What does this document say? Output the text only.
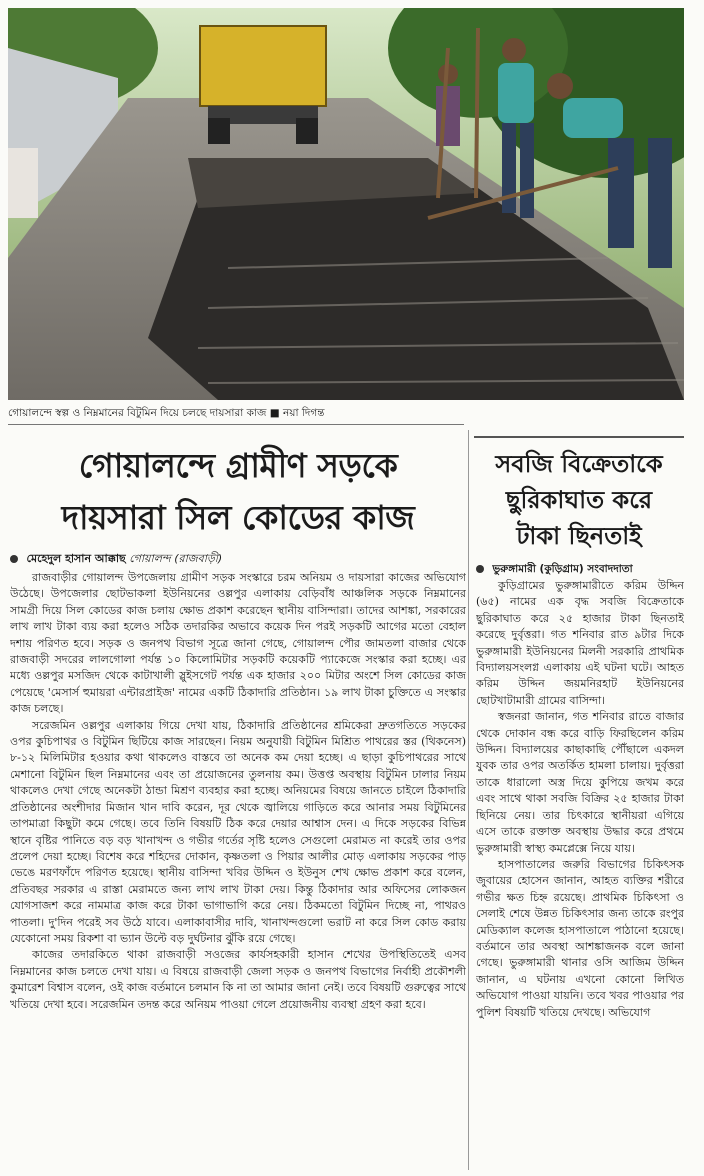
গোয়ালন্দে স্বল্প ও নিম্নমানের বিটুমিন দিয়ে চলছে দায়সারা কাজ ■ নয়া দিগন্ত
গোয়ালন্দে গ্রামীণ সড়কে
দায়সারা সিল কোডের কাজ
মেহেদুল হাসান আক্কাছ গোয়ালন্দ (রাজবাড়ী)

রাজবাড়ীর গোয়ালন্দ উপজেলায় গ্রামীণ সড়ক সংস্কারে চরম অনিয়ম ও দায়সারা কাজের অভিযোগ উঠেছে। উপজেলার ছোটভাকলা ইউনিয়নের ওল্লপুর এলাকায় বেড়িবাঁধ আঞ্চলিক সড়কে নিম্নমানের সামগ্রী দিয়ে সিল কোডের কাজ চলায় ক্ষোভ প্রকাশ করেছেন স্থানীয় বাসিন্দারা। তাদের আশঙ্কা, সরকারের লাখ লাখ টাকা ব্যয় করা হলেও সঠিক তদারকির অভাবে কয়েক দিন পরই সড়কটি আগের মতো বেহাল দশায় পরিণত হবে। সড়ক ও জনপথ বিভাগ সূত্রে জানা গেছে, গোয়ালন্দ পৌর জামতলা বাজার থেকে রাজবাড়ী সদরের লালগোলা পর্যন্ত ১০ কিলোমিটার সড়কটি কয়েকটি প্যাকেজে সংস্কার করা হচ্ছে। এর মধ্যে ওল্লপুর মসজিদ থেকে কাটাখালী স্লুইসগেট পর্যন্ত এক হাজার ২০০ মিটার অংশে সিল কোডের কাজ পেয়েছে 'মেসার্স হুমায়রা এন্টারপ্রাইজ' নামের একটি ঠিকাদারি প্রতিষ্ঠান। ১৯ লাখ টাকা চুক্তিতে এ সংস্কার কাজ চলছে।

সরেজমিন ওল্লপুর এলাকায় গিয়ে দেখা যায়, ঠিকাদারি প্রতিষ্ঠানের শ্রমিকেরা দ্রুতগতিতে সড়কের ওপর কুচিপাথর ও বিটুমিন ছিটিয়ে কাজ সারছেন। নিয়ম অনুযায়ী বিটুমিন মিশ্রিত পাথরের স্তর (থিকনেস) ৮-১২ মিলিমিটার হওয়ার কথা থাকলেও বাস্তবে তা অনেক কম দেয়া হচ্ছে। এ ছাড়া কুচিপাথরের সাথে মেশানো বিটুমিন ছিল নিম্নমানের এবং তা প্রয়োজনের তুলনায় কম। উত্তপ্ত অবস্থায় বিটুমিন ঢালার নিয়ম থাকলেও দেখা গেছে অনেকটা ঠান্ডা মিশ্রণ ব্যবহার করা হচ্ছে। অনিয়মের বিষয়ে জানতে চাইলে ঠিকাদারি প্রতিষ্ঠানের অংশীদার মিজান খান দাবি করেন, দূর থেকে জ্বালিয়ে গাড়িতে করে আনার সময় বিটুমিনের তাপমাত্রা কিছুটা কমে গেছে। তবে তিনি বিষয়টি ঠিক করে দেয়ার আশ্বাস দেন। এ দিকে সড়কের বিভিন্ন স্থানে বৃষ্টির পানিতে বড় বড় খানাখন্দ ও গভীর গর্তের সৃষ্টি হলেও সেগুলো মেরামত না করেই তার ওপর প্রলেপ দেয়া হচ্ছে। বিশেষ করে শহিদের দোকান, কৃষ্ণতলা ও পিয়ার আলীর মোড় এলাকায় সড়কের পাড় ভেঙে মরণফাঁদে পরিণত হয়েছে। স্থানীয় বাসিন্দা খবির উদ্দিন ও ইউনুস শেখ ক্ষোভ প্রকাশ করে বলেন, প্রতিবছর সরকার এ রাস্তা মেরামতে জন্য লাখ লাখ টাকা দেয়। কিন্তু ঠিকাদার আর অফিসের লোকজন যোগসাজশ করে নামমাত্র কাজ করে টাকা ভাগাভাগি করে নেয়। ঠিকমতো বিটুমিন দিচ্ছে না, পাথরও পাতলা। দু'দিন পরেই সব উঠে যাবে। এলাকাবাসীর দাবি, খানাখন্দগুলো ভরাট না করে সিল কোড করায় যেকোনো সময় রিকশা বা ভ্যান উল্টে বড় দুর্ঘটনার ঝুঁকি রয়ে গেছে।

কাজের তদারকিতে থাকা রাজবাড়ী সওজের কার্যসহকারী হাসান শেখের উপস্থিতিতেই এসব নিম্নমানের কাজ চলতে দেখা যায়। এ বিষয়ে রাজবাড়ী জেলা সড়ক ও জনপথ বিভাগের নির্বাহী প্রকৌশলী কুমারেশ বিশ্বাস বলেন, ওই কাজ বর্তমানে চলমান কি না তা আমার জানা নেই। তবে বিষয়টি গুরুত্বের সাথে খতিয়ে দেখা হবে। সরেজমিন তদন্ত করে অনিয়ম পাওয়া গেলে প্রয়োজনীয় ব্যবস্থা গ্রহণ করা হবে।

সবজি বিক্রেতাকে
ছুরিকাঘাত করে
টাকা ছিনতাই
ভুরুঙ্গামারী (কুড়িগ্রাম) সংবাদদাতা

কুড়িগ্রামের ভুরুঙ্গামারীতে করিম উদ্দিন (৬৫) নামের এক বৃদ্ধ সবজি বিক্রেতাকে ছুরিকাঘাত করে ২৫ হাজার টাকা ছিনতাই করেছে দুর্বৃত্তরা। গত শনিবার রাত ৯টার দিকে ভুরুঙ্গামারী ইউনিয়নের মিলনী সরকারি প্রাথমিক বিদ্যালয়সংলগ্ন এলাকায় এই ঘটনা ঘটে। আহত করিম উদ্দিন জয়মনিরহাট ইউনিয়নের ছোটখাটামারী গ্রামের বাসিন্দা।

স্বজনরা জানান, গত শনিবার রাতে বাজার থেকে দোকান বন্ধ করে বাড়ি ফিরছিলেন করিম উদ্দিন। বিদ্যালয়ের কাছাকাছি পৌঁছালে একদল যুবক তার ওপর অতর্কিত হামলা চালায়। দুর্বৃত্তরা তাকে ধারালো অস্ত্র দিয়ে কুপিয়ে জখম করে এবং সাথে থাকা সবজি বিক্রির ২৫ হাজার টাকা ছিনিয়ে নেয়। তার চিৎকারে স্থানীয়রা এগিয়ে এসে তাকে রক্তাক্ত অবস্থায় উদ্ধার করে প্রথমে ভুরুঙ্গামারী স্বাস্থ্য কমপ্লেক্সে নিয়ে যায়।

হাসপাতালের জরুরি বিভাগের চিকিৎসক জুবায়ের হোসেন জানান, আহত ব্যক্তির শরীরে গভীর ক্ষত চিহ্ন রয়েছে। প্রাথমিক চিকিৎসা ও সেলাই শেষে উন্নত চিকিৎসার জন্য তাকে রংপুর মেডিক্যাল কলেজ হাসপাতালে পাঠানো হয়েছে। বর্তমানে তার অবস্থা আশঙ্কাজনক বলে জানা গেছে। ভুরুঙ্গামারী থানার ওসি আজিম উদ্দিন জানান, এ ঘটনায় এখনো কোনো লিখিত অভিযোগ পাওয়া যায়নি। তবে খবর পাওয়ার পর পুলিশ বিষয়টি খতিয়ে দেখছে। অভিযোগ
